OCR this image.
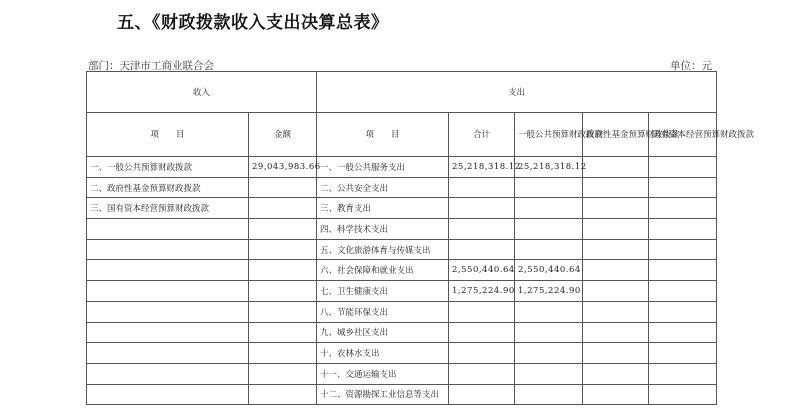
五、《财政拨款收入支出决算总表》
部门：天津市工商业联合会	单位：元
收入		支出				
项　　目	金额	项　　目	合计	一般公共预算财政拨款	政府性基金预算财政拨款	国有资本经营预算财政拨款
一、一般公共预算财政拨款	29,043,983.66	一、一般公共服务支出	25,218,318.12	25,218,318.12		
二、政府性基金预算财政拨款		二、公共安全支出				
三、国有资本经营预算财政拨款		三、教育支出				
		四、科学技术支出				
		五、文化旅游体育与传媒支出				
		六、社会保障和就业支出	2,550,440.64	2,550,440.64		
		七、卫生健康支出	1,275,224.90	1,275,224.90		
		八、节能环保支出				
		九、城乡社区支出				
		十、农林水支出				
		十一、交通运输支出				
		十二、资源勘探工业信息等支出				
